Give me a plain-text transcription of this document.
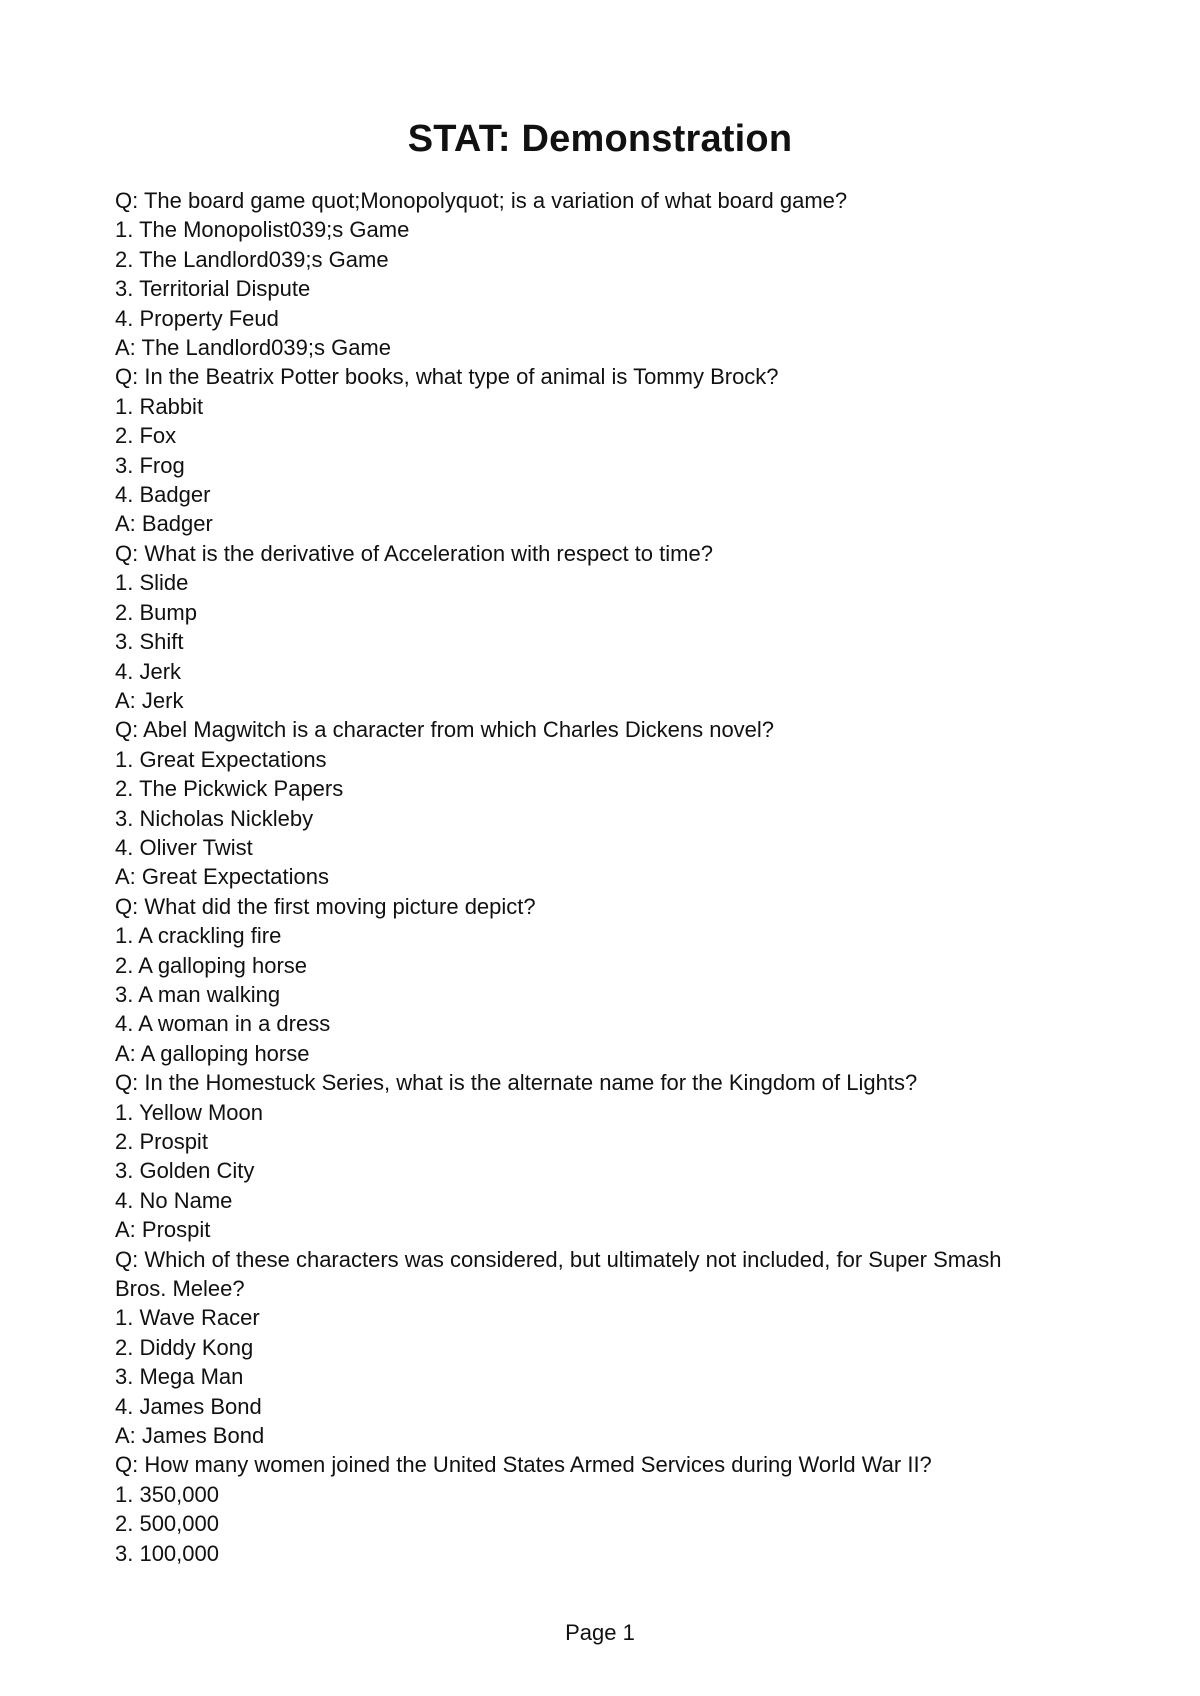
STAT: Demonstration
Q: The board game quot;Monopolyquot; is a variation of what board game?
1. The Monopolist039;s Game
2. The Landlord039;s Game
3. Territorial Dispute
4. Property Feud
A: The Landlord039;s Game
Q: In the Beatrix Potter books, what type of animal is Tommy Brock?
1. Rabbit
2. Fox
3. Frog
4. Badger
A: Badger
Q: What is the derivative of Acceleration with respect to time?
1. Slide
2. Bump
3. Shift
4. Jerk
A: Jerk
Q: Abel Magwitch is a character from which Charles Dickens novel?
1. Great Expectations
2. The Pickwick Papers
3. Nicholas Nickleby
4. Oliver Twist
A: Great Expectations
Q: What did the first moving picture depict?
1. A crackling fire
2. A galloping horse
3. A man walking
4. A woman in a dress
A: A galloping horse
Q: In the Homestuck Series, what is the alternate name for the Kingdom of Lights?
1. Yellow Moon
2. Prospit
3. Golden City
4. No Name
A: Prospit
Q: Which of these characters was considered, but ultimately not included, for Super Smash Bros. Melee?
1. Wave Racer
2. Diddy Kong
3. Mega Man
4. James Bond
A: James Bond
Q: How many women joined the United States Armed Services during World War II?
1. 350,000
2. 500,000
3. 100,000
Page 1
